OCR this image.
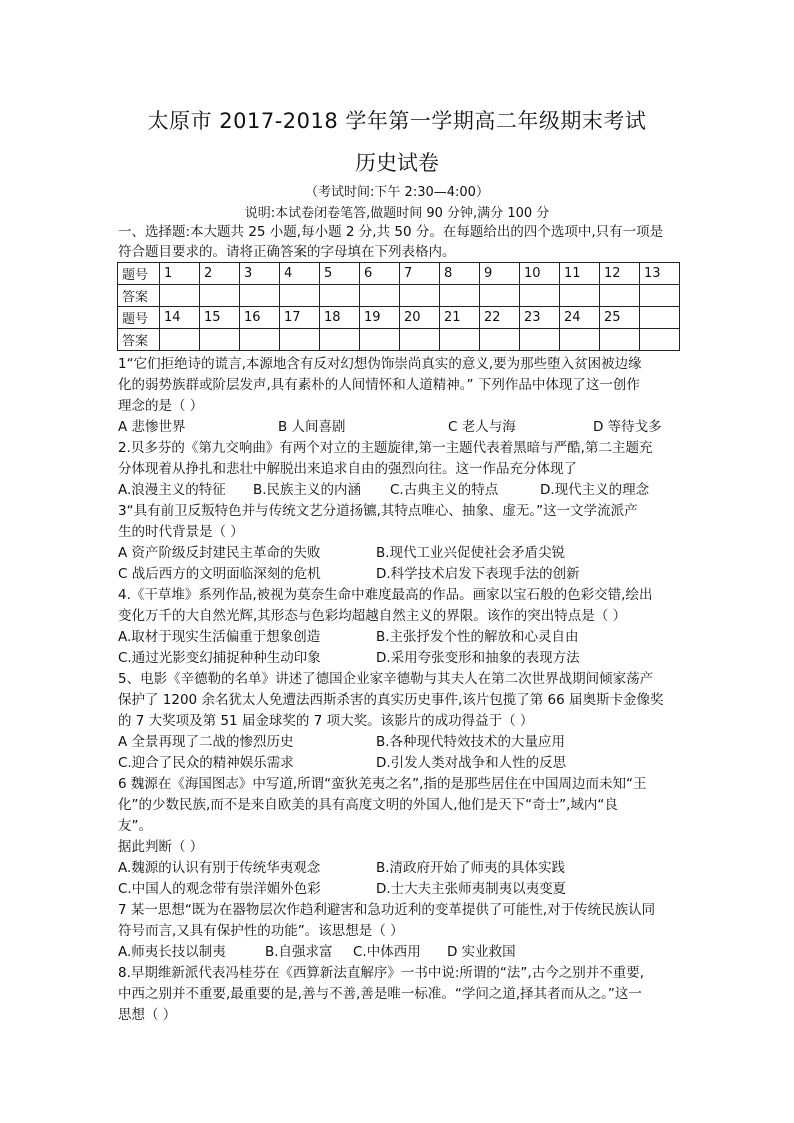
太原市 2017-2018 学年第一学期高二年级期末考试
历史试卷
（考试时间:下午 2:30—4:00）
说明:本试卷闭卷笔答,做题时间 90 分钟,满分 100 分
一、选择题:本大题共 25 小题,每小题 2 分,共 50 分。在每题给出的四个选项中,只有一项是
符合题目要求的。请将正确答案的字母填在下列表格内。
题号	1	2	3	4	5	6	7	8	9	10	11	12	13
答案													
题号	14	15	16	17	18	19	20	21	22	23	24	25	
答案													

1“它们拒绝诗的谎言,本源地含有反对幻想伪饰崇尚真实的意义,要为那些堕入贫困被边缘

化的弱势族群或阶层发声,具有素朴的人间情怀和人道精神。” 下列作品中体现了这一创作

理念的是（ ）

A 悲惨世界	B 人间喜剧	C 老人与海	D 等待戈多

2.贝多芬的《第九交响曲》有两个对立的主题旋律,第一主题代表着黑暗与严酷,第二主题充

分体现着从挣扎和悲壮中解脱出来追求自由的强烈向往。这一作品充分体现了

A.浪漫主义的特征	B.民族主义的内涵	C.古典主义的特点	D.现代主义的理念

3“具有前卫反叛特色并与传统文艺分道扬镳,其特点唯心、抽象、虚无。”这一文学流派产

生的时代背景是（ ）

A 资产阶级反封建民主革命的失败	B.现代工业兴促使社会矛盾尖锐
C 战后西方的文明面临深刻的危机	D.科学技术启发下表现手法的创新

4.《干草堆》系列作品,被视为莫奈生命中难度最高的作品。画家以宝石般的色彩交错,绘出

变化万千的大自然光辉,其形态与色彩均超越自然主义的界限。该作的突出特点是（ ）

A.取材于现实生活偏重于想象创造	B.主张抒发个性的解放和心灵自由
C.通过光影变幻捕捉种种生动印象	D.采用夸张变形和抽象的表现方法

5、电影《辛德勒的名单》讲述了德国企业家辛德勒与其夫人在第二次世界战期间倾家荡产

保护了 1200 余名犹太人免遭法西斯杀害的真实历史事件,该片包揽了第 66 届奥斯卡金像奖

的 7 大奖项及第 51 届金球奖的 7 项大奖。该影片的成功得益于（ ）

A 全景再现了二战的惨烈历史	B.各种现代特效技术的大量应用
C.迎合了民众的精神娱乐需求	D.引发人类对战争和人性的反思

6 魏源在《海国图志》中写道,所谓“蛮狄羌夷之名”,指的是那些居住在中国周边而未知“王

化”的少数民族,而不是来自欧美的具有高度文明的外国人,他们是天下“奇士”,域内“良

友”。

据此判断（ ）

A.魏源的认识有别于传统华夷观念	B.清政府开始了师夷的具体实践
C.中国人的观念带有崇洋媚外色彩	D.士大夫主张师夷制夷以夷变夏

7 某一思想“既为在器物层次作趋利避害和急功近利的变革提供了可能性,对于传统民族认同

符号而言,又具有保护性的功能”。该思想是（ ）

A.师夷长技以制夷	B.自强求富	C.中体西用	D 实业救国

8.早期维新派代表冯桂芬在《西算新法直解序》一书中说:所谓的“法”,古今之别并不重要,

中西之别并不重要,最重要的是,善与不善,善是唯一标准。“学问之道,择其者而从之。”这一

思想（ ）
